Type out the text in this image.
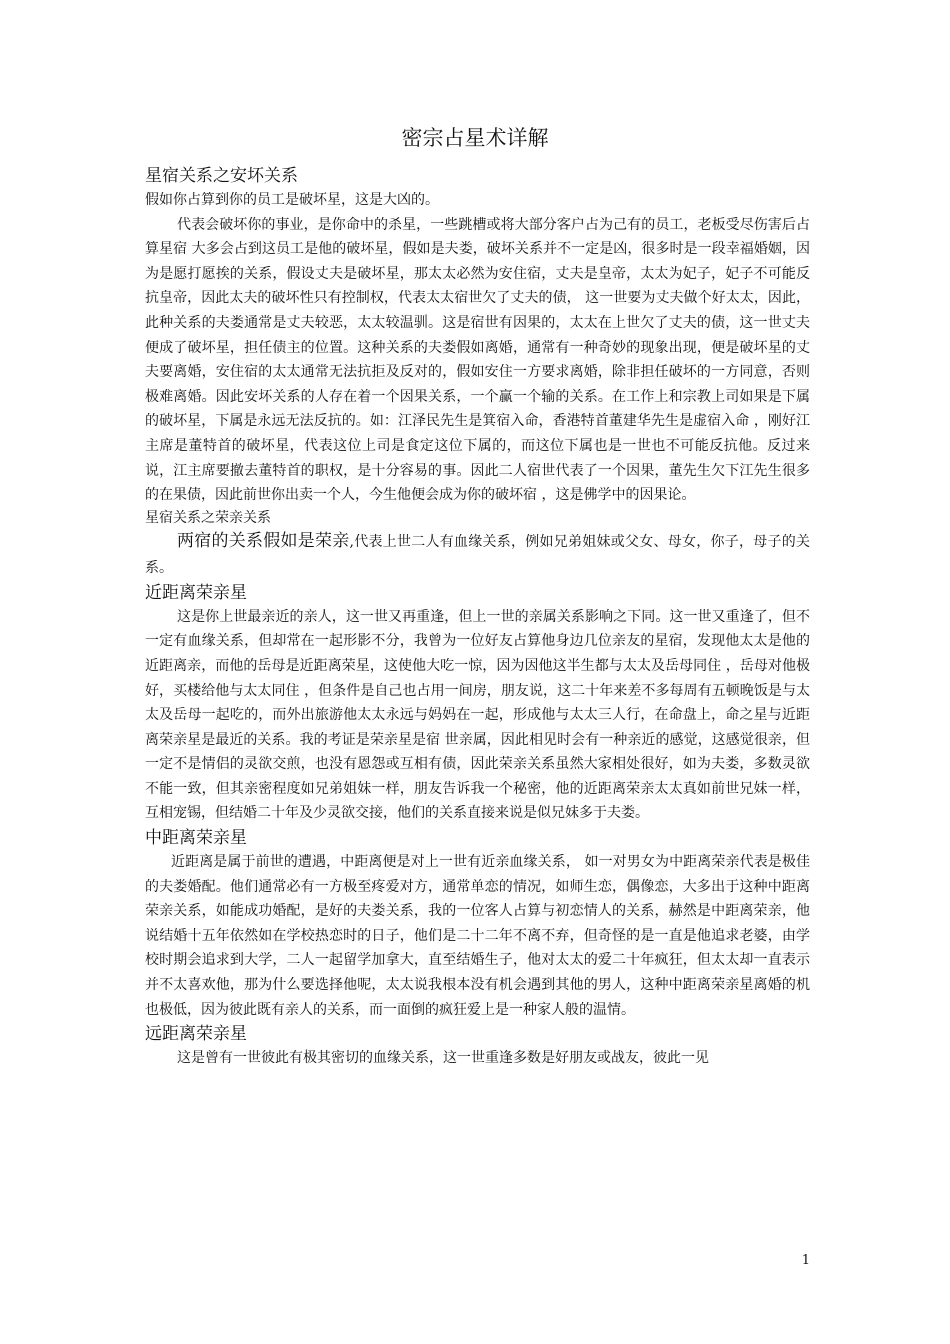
密宗占星术详解
星宿关系之安坏关系

假如你占算到你的员工是破坏星，这是大凶的。

代表会破坏你的事业，是你命中的杀星，一些跳槽或将大部分客户占为己有的员工，老板受尽伤害后占算星宿 大多会占到这员工是他的破坏星，假如是夫娄，破坏关系并不一定是凶，很多时是一段幸福婚姻，因为是愿打愿挨的关系，假设丈夫是破坏星，那太太必然为安住宿，丈夫是皇帝，太太为妃子，妃子不可能反抗皇帝，因此太夫的破坏性只有控制权，代表太太宿世欠了丈夫的债， 这一世要为丈夫做个好太太，因此，此种关系的夫娄通常是丈夫较恶，太太较温驯。这是宿世有因果的，太太在上世欠了丈夫的债，这一世丈夫便成了破坏星，担任债主的位置。这种关系的夫娄假如离婚，通常有一种奇妙的现象出现，便是破坏星的丈夫要离婚，安住宿的太太通常无法抗拒及反对的，假如安住一方要求离婚，除非担任破坏的一方同意，否则极难离婚。因此安坏关系的人存在着一个因果关系，一个赢一个输的关系。在工作上和宗教上司如果是下属的破坏星，下属是永远无法反抗的。如：江泽民先生是箕宿入命，香港特首董建华先生是虚宿入命 ，刚好江主席是董特首的破坏星，代表这位上司是食定这位下属的，而这位下属也是一世也不可能反抗他。反过来说，江主席要撤去董特首的职权，是十分容易的事。因此二人宿世代表了一个因果，董先生欠下江先生很多的在果债，因此前世你出卖一个人，今生他便会成为你的破坏宿 ，这是佛学中的因果论。

星宿关系之荣亲关系

两宿的关系假如是荣亲,代表上世二人有血缘关系，例如兄弟姐妹或父女、母女，你子，母子的关系。

近距离荣亲星

这是你上世最亲近的亲人，这一世又再重逢，但上一世的亲属关系影响之下同。这一世又重逢了，但不一定有血缘关系，但却常在一起形影不分，我曾为一位好友占算他身边几位亲友的星宿，发现他太太是他的近距离亲，而他的岳母是近距离荣星，这使他大吃一惊，因为因他这半生都与太太及岳母同住 ，岳母对他极好，买楼给他与太太同住 ，但条件是自己也占用一间房，朋友说，这二十年来差不多每周有五顿晚饭是与太太及岳母一起吃的，而外出旅游他太太永远与妈妈在一起，形成他与太太三人行，在命盘上，命之星与近距离荣亲星是最近的关系。我的考证是荣亲星是宿 世亲属，因此相见时会有一种亲近的感觉，这感觉很亲，但 一定不是情侣的灵欲交煎，也没有恩怨或互相有债，因此荣亲关系虽然大家相处很好，如为夫娄，多数灵欲不能一致，但其亲密程度如兄弟姐妹一样，朋友告诉我一个秘密，他的近距离荣亲太太真如前世兄妹一样，互相宠锡，但结婚二十年及少灵欲交接，他们的关系直接来说是似兄妹多于夫娄。

中距离荣亲星

近距离是属于前世的遭遇，中距离便是对上一世有近亲血缘关系， 如一对男女为中距离荣亲代表是极佳的夫娄婚配。他们通常必有一方极至疼爱对方，通常单恋的情况，如师生恋，偶像恋，大多出于这种中距离荣亲关系，如能成功婚配，是好的夫娄关系，我的一位客人占算与初恋情人的关系，赫然是中距离荣亲，他说结婚十五年依然如在学校热恋时的日子，他们是二十二年不离不弃，但奇怪的是一直是他追求老婆，由学校时期会追求到大学，二人一起留学加拿大，直至结婚生子，他对太太的爱二十年疯狂，但太太却一直表示并不太喜欢他，那为什么要选择他呢，太太说我根本没有机会遇到其他的男人，这种中距离荣亲星离婚的机也极低，因为彼此既有亲人的关系，而一面倒的疯狂爱上是一种家人般的温情。

远距离荣亲星

这是曾有一世彼此有极其密切的血缘关系，这一世重逢多数是好朋友或战友，彼此一见

1
